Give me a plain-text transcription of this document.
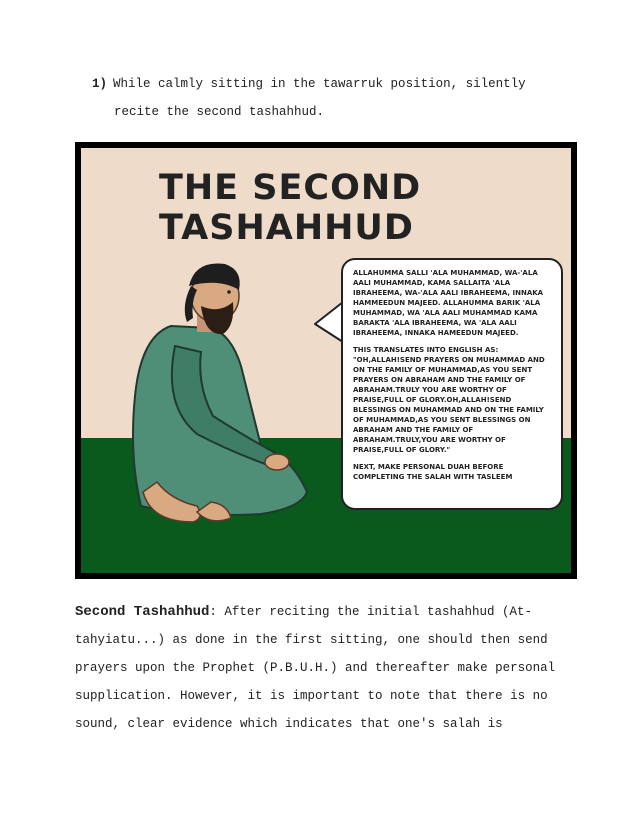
1) While calmly sitting in the tawarruk position, silently
recite the second tashahhud.
THE SECOND
TASHAHHUD

ALLAHUMMA SALLI 'ALA MUHAMMAD, WA-'ALA AALI MUHAMMAD, KAMA SALLAITA 'ALA IBRAHEEMA, WA-'ALA AALI IBRAHEEMA, INNAKA HAMMEEDUN MAJEED. ALLAHUMMA BARIK 'ALA MUHAMMAD, WA 'ALA AALI MUHAMMAD KAMA BARAKTA 'ALA IBRAHEEMA, WA 'ALA AALI IBRAHEEMA, INNAKA HAMEEDUN MAJEED.

THIS TRANSLATES INTO ENGLISH AS: "OH,ALLAH!SEND PRAYERS ON MUHAMMAD AND ON THE FAMILY OF MUHAMMAD,AS YOU SENT PRAYERS ON ABRAHAM AND THE FAMILY OF ABRAHAM.TRULY YOU ARE WORTHY OF PRAISE,FULL OF GLORY.OH,ALLAH!SEND BLESSINGS ON MUHAMMAD AND ON THE FAMILY OF MUHAMMAD,AS YOU SENT BLESSINGS ON ABRAHAM AND THE FAMILY OF ABRAHAM.TRULY,YOU ARE WORTHY OF PRAISE,FULL OF GLORY."

NEXT, MAKE PERSONAL DUAH BEFORE COMPLETING THE SALAH WITH TASLEEM

Second Tashahhud: After reciting the initial tashahhud (At-tahyiatu...) as done in the first sitting, one should then send prayers upon the Prophet (P.B.U.H.) and thereafter make personal supplication. However, it is important to note that there is no sound, clear evidence which indicates that one's salah is
